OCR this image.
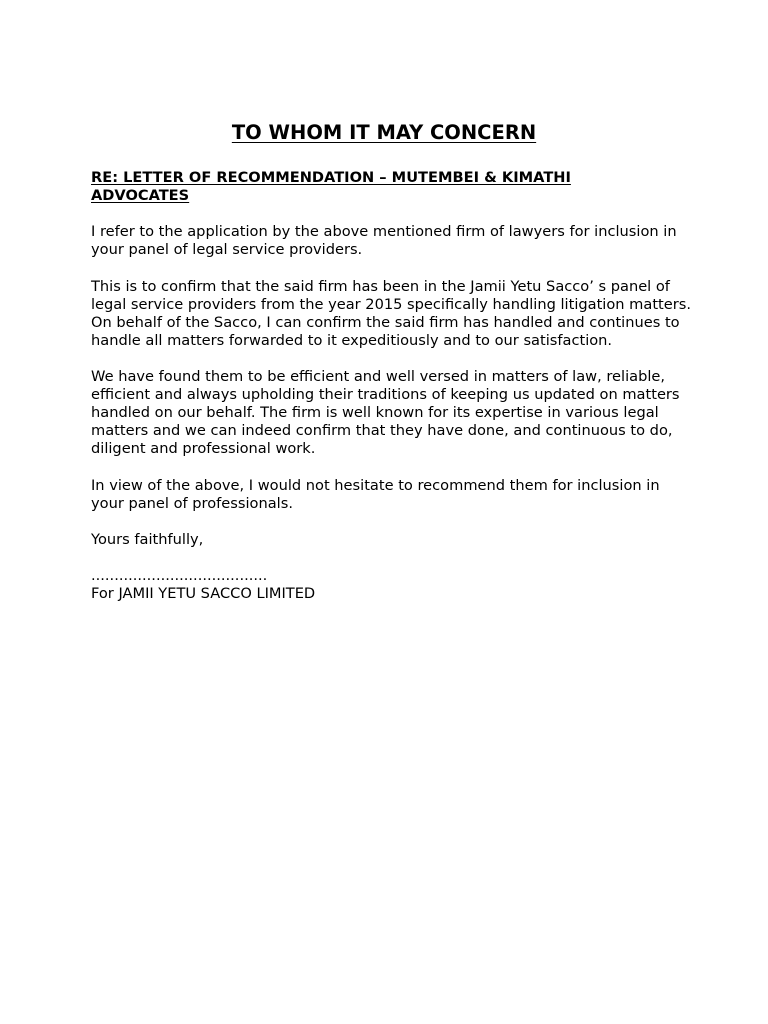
TO WHOM IT MAY CONCERN

RE: LETTER OF RECOMMENDATION – MUTEMBEI & KIMATHI
ADVOCATES

I refer to the application by the above mentioned firm of lawyers for inclusion in your panel of legal service providers.

This is to confirm that the said firm has been in the Jamii Yetu Sacco’ s panel of legal service providers from the year 2015 specifically handling litigation matters. On behalf of the Sacco, I can confirm the said firm has handled and continues to handle all matters forwarded to it expeditiously and to our satisfaction.

We have found them to be efficient and well versed in matters of law, reliable, efficient and always upholding their traditions of keeping us updated on matters handled on our behalf. The firm is well known for its expertise in various legal matters and we can indeed confirm that they have done, and continuous to do, diligent and professional work.

In view of the above, I would not hesitate to recommend them for inclusion in your panel of professionals.

Yours faithfully,

......................................

For JAMII YETU SACCO LIMITED
